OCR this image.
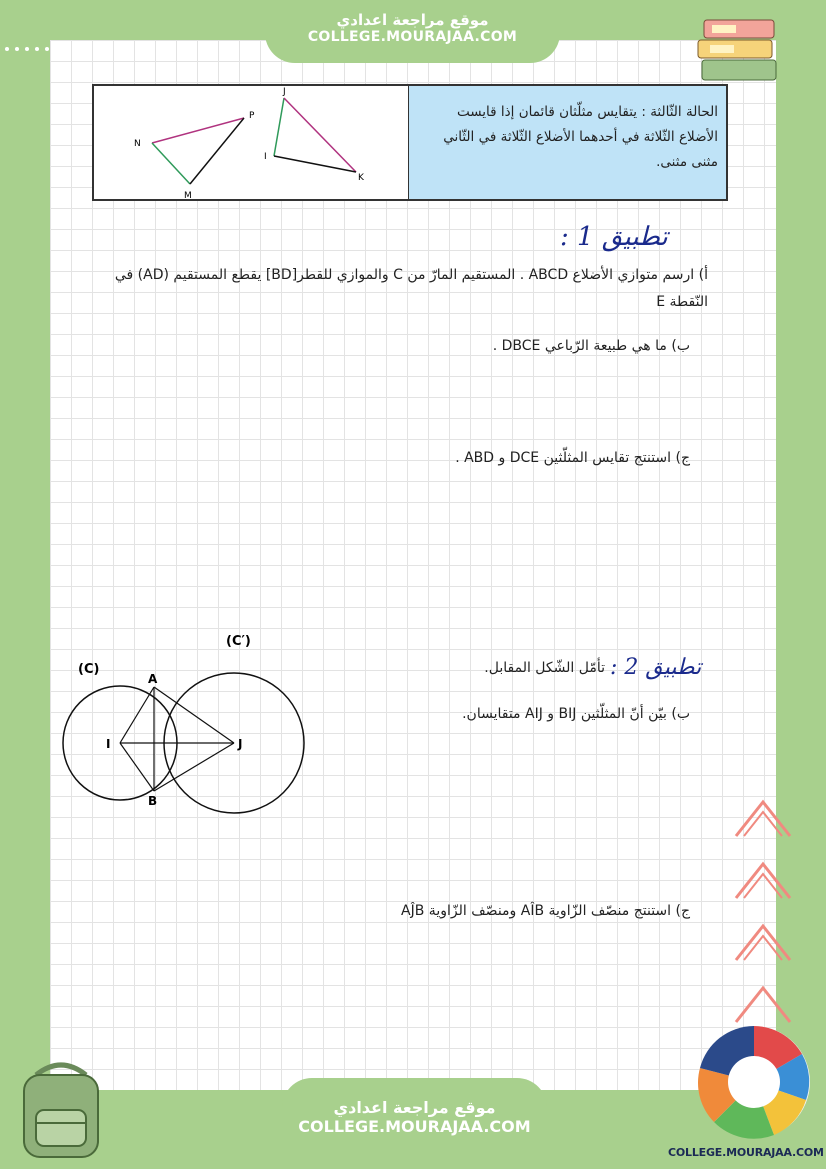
موقع مراجعة اعدادي
COLLEGE.MOURAJAA.COM
N
P
M
J
I
K
الحالة الثّالثة : يتقايس مثلّثان قائمان إذا قايست الأضلاع الثّلاثة في أحدهما الأضلاع الثّلاثة في الثّاني مثنى مثنى.
تطبيق 1 :
أ) ارسم متوازي الأضلاع ABCD . المستقيم المارّ من C والموازي للقطر[BD] يقطع المستقيم (AD) في النّقطة E
ب) ما هي طبيعة الرّباعي DBCE .
ج) استنتج تقايس المثلّثين DCE و ABD .
تطبيق 2 :
تأمّل الشّكل المقابل.
ب) بيّن أنّ المثلّثين BIJ و AIJ متقايسان.
ج) استنتج منصّف الزّاوية AÎB ومنصّف الزّاوية AĴB
(C)
(C′)
A
B
I	J
موقع مراجعة اعدادي
COLLEGE.MOURAJAA.COM
COLLEGE.MOURAJAA.COM
